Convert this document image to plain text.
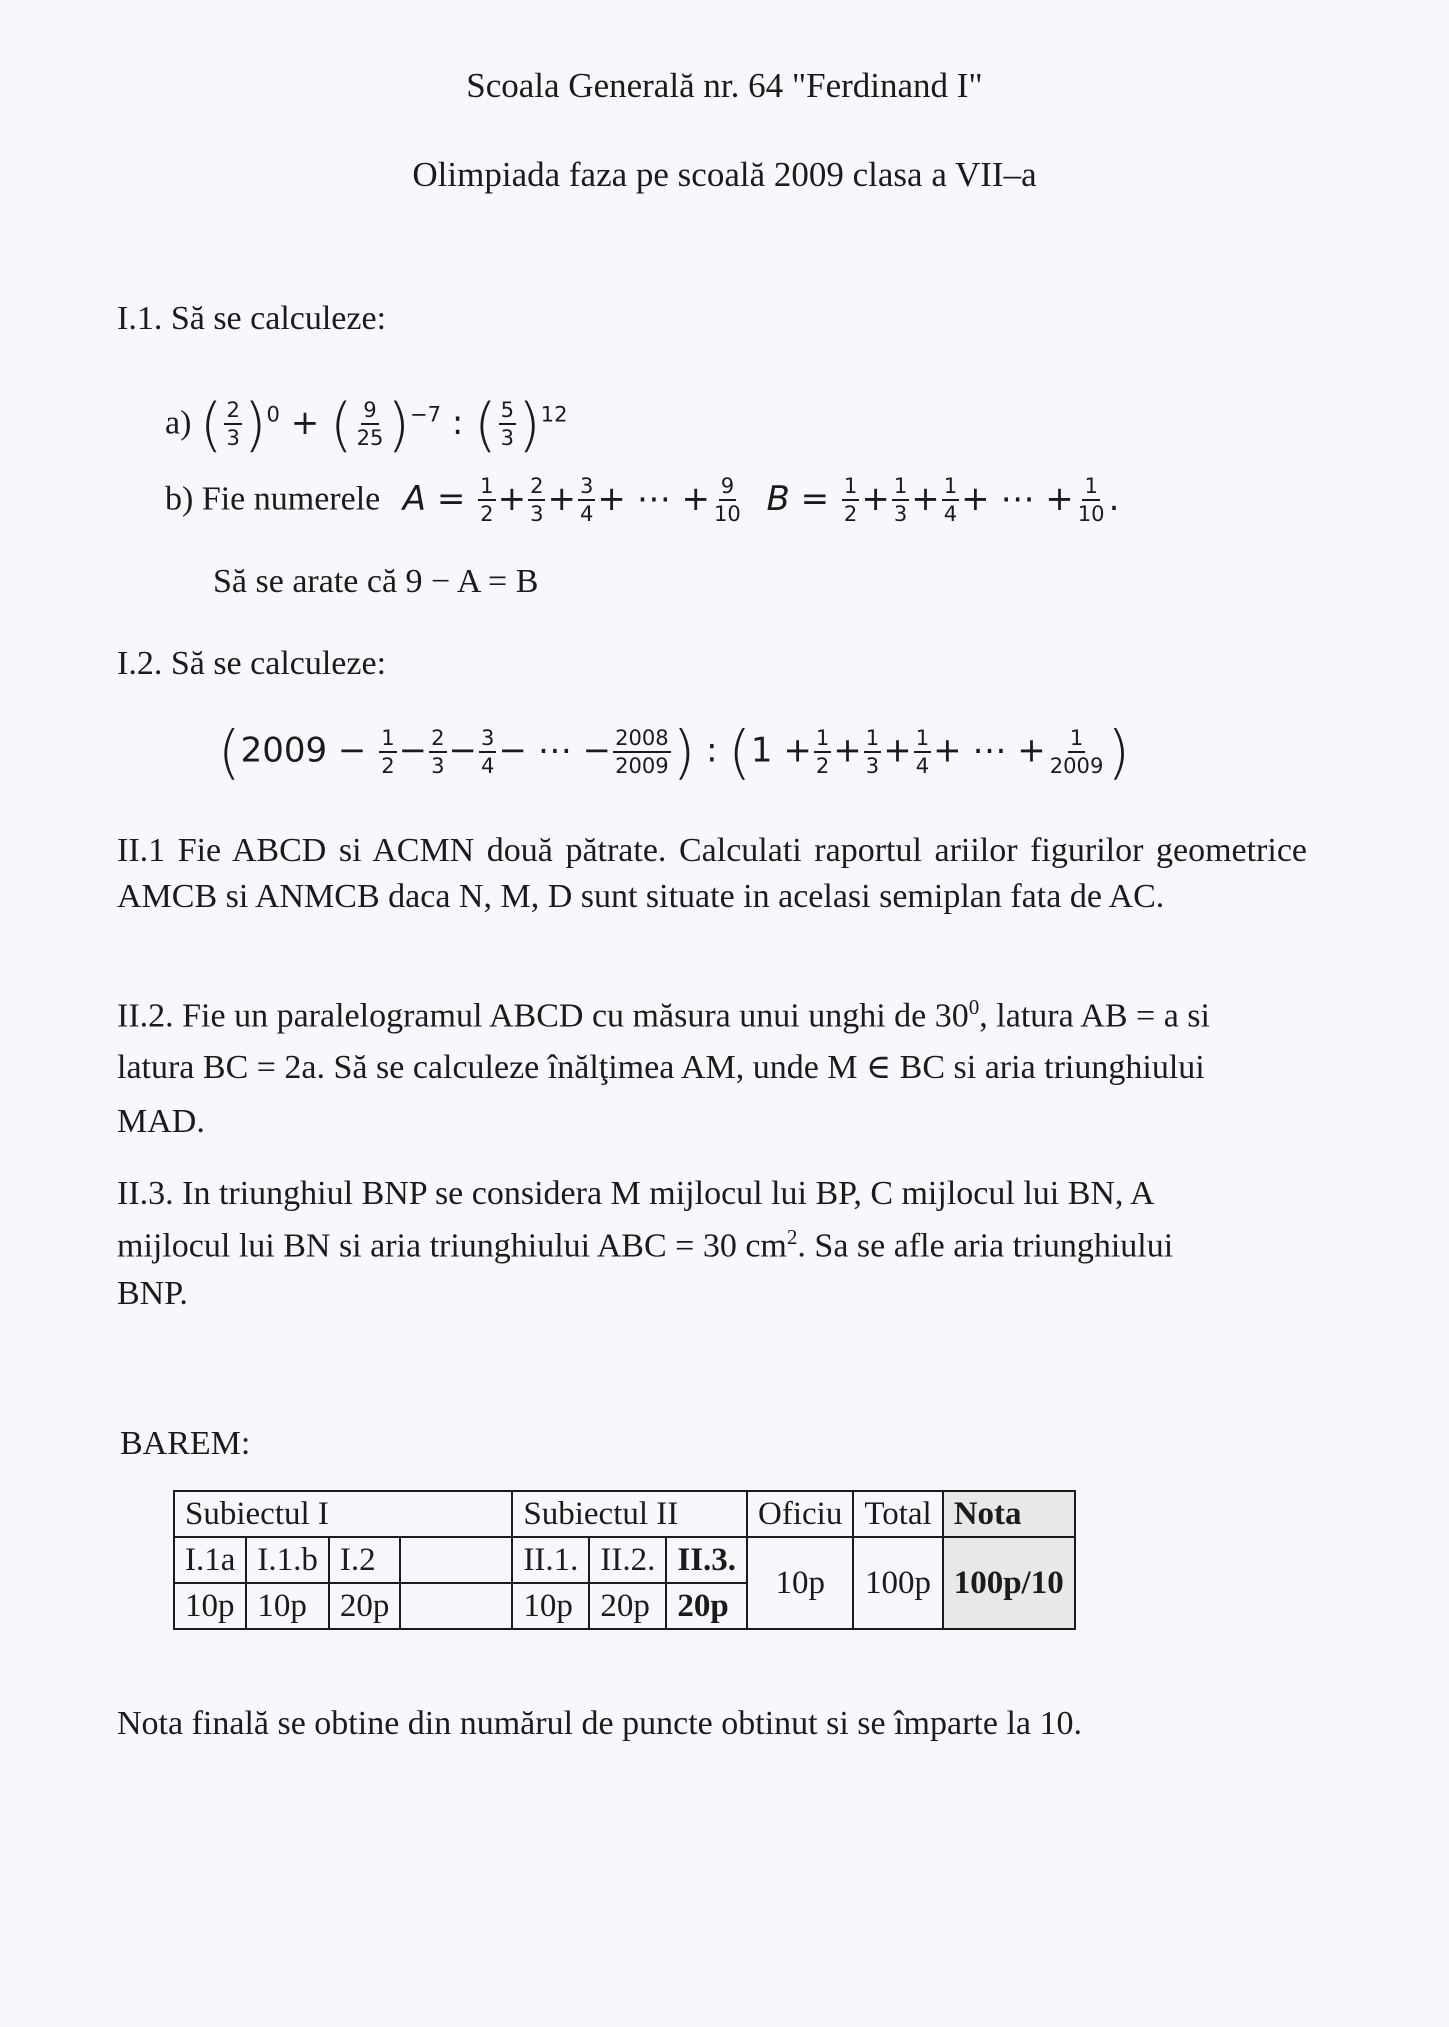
Scoala Generală nr. 64 "Ferdinand I"
Olimpiada faza pe scoală 2009 clasa a VII–a
I.1. Să se calculeze:
a) ( $\frac{2}{3} )^0$ + ( $\frac{9}{25} )^{-7}$ : ( $\frac{5}{3} )^{12}$
b) Fie numerele $A = \frac{1}{2} + \frac{2}{3} + \frac{3}{4}$ + ⋯ + $\frac{9}{10}$ $B = \frac{1}{2} + \frac{1}{3} + \frac{1}{4}$ + ⋯ + $\frac{1}{10}$ .
Să se arate că 9 − A = B
I.2. Să se calculeze:
($2009 - \frac{1}{2} - \frac{2}{3} - \frac{3}{4}$ − ⋯ − $\frac{2008}{2009}$ ) : ($1 + \frac{1}{2} + \frac{1}{3} + \frac{1}{4}$ + ⋯ + $\frac{1}{2009}$ )
II.1 Fie ABCD si ACMN două pătrate. Calculati raportul ariilor figurilor geometrice AMCB si ANMCB daca N, M, D sunt situate in acelasi semiplan fata de AC.
II.2. Fie un paralelogramul ABCD cu măsura unui unghi de $30^0$, latura AB = a si
latura BC = 2a. Să se calculeze înălţimea AM, unde M ∈ BC si aria triunghiului
MAD.
II.3. In triunghiul BNP se considera M mijlocul lui BP, C mijlocul lui BN, A
mijlocul lui BN si aria triunghiului ABC = 30 $cm^2$. Sa se afle aria triunghiului
BNP.
BAREM:
Subiectul I				Subiectul II			Oficiu	Total	Nota
I.1a	I.1.b	I.2		II.1.	II.2.	II.3.	10p	100p	100p/10
10p	10p	20p		10p	20p	20p			
Nota finală se obtine din numărul de puncte obtinut si se împarte la 10.
